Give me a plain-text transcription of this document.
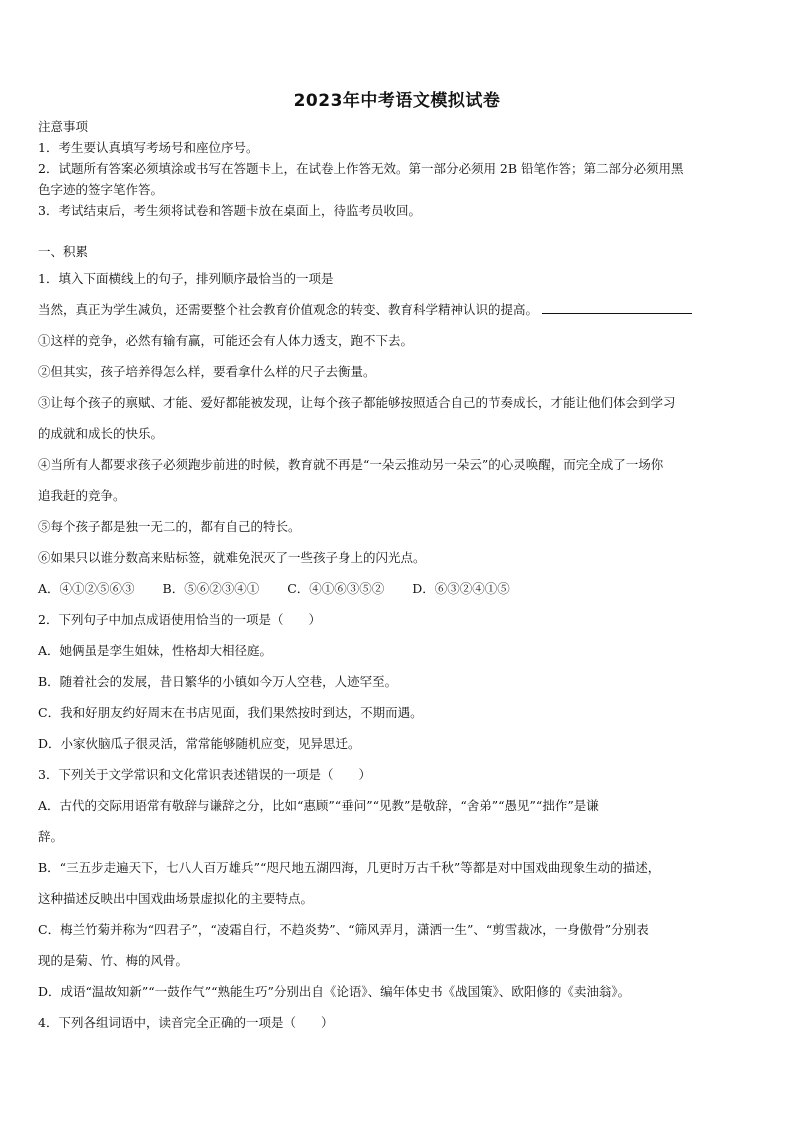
2023年中考语文模拟试卷
注意事项
1．考生要认真填写考场号和座位序号。
2．试题所有答案必须填涂或书写在答题卡上，在试卷上作答无效。第一部分必须用 2B 铅笔作答；第二部分必须用黑
色字迹的签字笔作答。
3．考试结束后，考生须将试卷和答题卡放在桌面上，待监考员收回。
一、积累
1．填入下面横线上的句子，排列顺序最恰当的一项是
当然，真正为学生减负，还需要整个社会教育价值观念的转变、教育科学精神认识的提高。
①这样的竞争，必然有输有赢，可能还会有人体力透支，跑不下去。
②但其实，孩子培养得怎么样，要看拿什么样的尺子去衡量。
③让每个孩子的禀赋、才能、爱好都能被发现，让每个孩子都能够按照适合自己的节奏成长，才能让他们体会到学习
的成就和成长的快乐。
④当所有人都要求孩子必须跑步前进的时候，教育就不再是“一朵云推动另一朵云”的心灵唤醒，而完全成了一场你
追我赶的竞争。
⑤每个孩子都是独一无二的，都有自己的特长。
⑥如果只以谁分数高来贴标签，就难免泯灭了一些孩子身上的闪光点。
A．④①②⑤⑥③ B．⑤⑥②③④① C．④①⑥③⑤② D．⑥③②④①⑤
2．下列句子中加点成语使用恰当的一项是（　　）
A．她俩虽是孪生姐妹，性格却大相径庭。
B．随着社会的发展，昔日繁华的小镇如今万人空巷，人迹罕至。
C．我和好朋友约好周末在书店见面，我们果然按时到达，不期而遇。
D．小家伙脑瓜子很灵活，常常能够随机应变，见异思迁。
3．下列关于文学常识和文化常识表述错误的一项是（　　）
A．古代的交际用语常有敬辞与谦辞之分，比如“惠顾”“垂问”“见教”是敬辞，“舍弟”“愚见”“拙作”是谦
辞。
B．“三五步走遍天下，七八人百万雄兵”“咫尺地五湖四海，几更时万古千秋”等都是对中国戏曲现象生动的描述，
这种描述反映出中国戏曲场景虚拟化的主要特点。
C．梅兰竹菊并称为“四君子”，“凌霜自行，不趋炎势”、“筛风弄月，潇洒一生”、“剪雪裁冰，一身傲骨”分别表
现的是菊、竹、梅的风骨。
D．成语“温故知新”“一鼓作气”“熟能生巧”分别出自《论语》、编年体史书《战国策》、欧阳修的《卖油翁》。
4．下列各组词语中，读音完全正确的一项是（　　）
